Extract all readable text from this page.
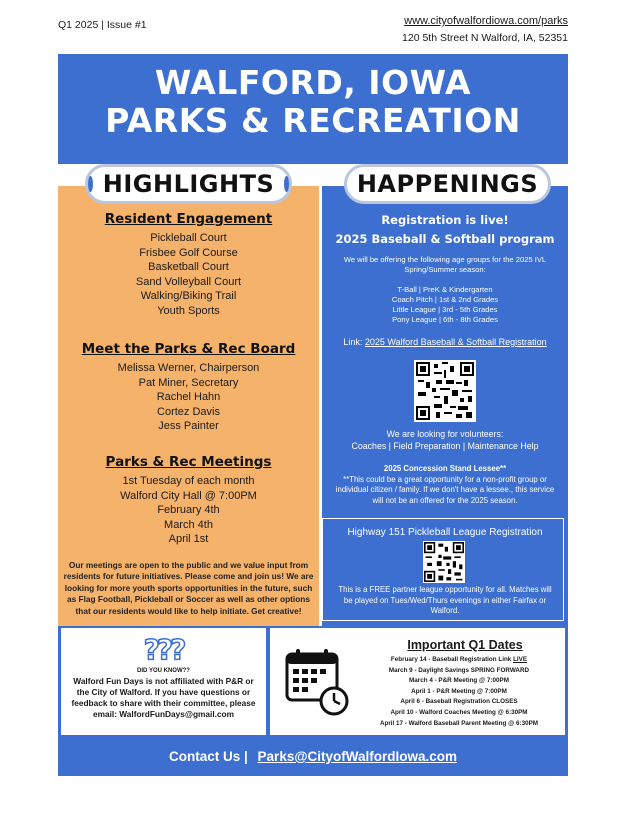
Q1 2025 | Issue #1	www.cityofwalfordiowa.com/parks
120 5th Street N Walford, IA, 52351
WALFORD, IOWA
PARKS & RECREATION
HIGHLIGHTS	HAPPENINGS
Resident Engagement
Pickleball Court
Frisbee Golf Course
Basketball Court
Sand Volleyball Court
Walking/Biking Trail
Youth Sports
Meet the Parks & Rec Board
Melissa Werner, Chairperson
Pat Miner, Secretary
Rachel Hahn
Cortez Davis
Jess Painter
Parks & Rec Meetings
1st Tuesday of each month
Walford City Hall @ 7:00PM
February 4th
March 4th
April 1st
Our meetings are open to the public and we value input from residents for future initiatives. Please come and join us! We are looking for more youth sports opportunities in the future, such as Flag Football, Pickleball or Soccer as well as other options that our residents would like to help initiate. Get creative!
Registration is live!
2025 Baseball & Softball program
We will be offering the following age groups for the 2025 IVL Spring/Summer season:
T-Ball | PreK & Kindergarten
Coach Pitch | 1st & 2nd Grades
Little League | 3rd - 5th Grades
Pony League | 6th - 8th Grades
Link: 2025 Walford Baseball & Softball Registration
We are looking for volunteers:
Coaches | Field Preparation | Maintenance Help
2025 Concession Stand Lessee**
**This could be a great opportunity for a non-profit group or individual citizen / family. If we don't have a lessee., this service will not be an offered for the 2025 season.
Highway 151 Pickleball League Registration
This is a FREE partner league opportunity for all. Matches will be played on Tues/Wed/Thurs evenings in either Fairfax or Walford.
???
DID YOU KNOW??
Walford Fun Days is not affiliated with P&R or the City of Walford. If you have questions or feedback to share with their committee, please email: WalfordFunDays@gmail.com
Important Q1 Dates
February 14 - Baseball Registration Link LIVE
March 9 - Daylight Savings SPRING FORWARD
March 4 - P&R Meeting @ 7:00PM
April 1 - P&R Meeting @ 7:00PM
April 6 - Baseball Registration CLOSES
April 10 - Walford Coaches Meeting @ 6:30PM
April 17 - Walford Baseball Parent Meeting @ 6:30PM
Contact Us | Parks@CityofWalfordIowa.com
